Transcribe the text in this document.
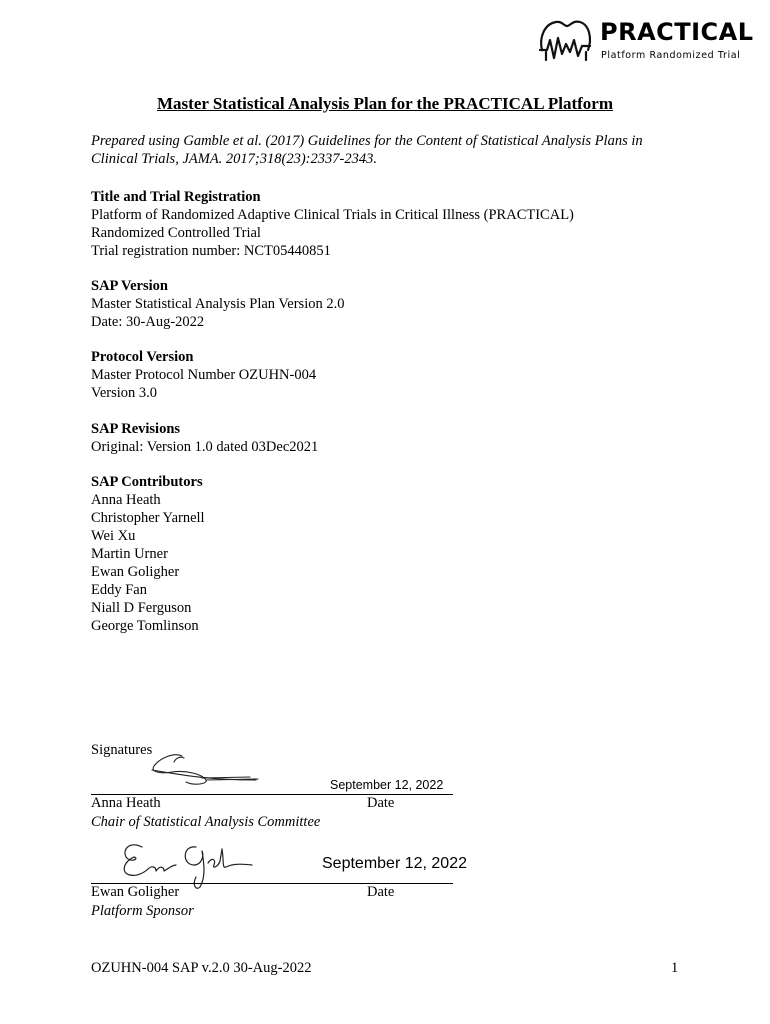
PRACTICAL
Platform Randomized Trial
Master Statistical Analysis Plan for the PRACTICAL Platform
Prepared using Gamble et al. (2017) Guidelines for the Content of Statistical Analysis Plans in Clinical Trials, JAMA. 2017;318(23):2337-2343.
Title and Trial Registration

Platform of Randomized Adaptive Clinical Trials in Critical Illness (PRACTICAL)

Randomized Controlled Trial

Trial registration number: NCT05440851

SAP Version

Master Statistical Analysis Plan Version 2.0

Date: 30-Aug-2022

Protocol Version

Master Protocol Number OZUHN-004

Version 3.0

SAP Revisions

Original: Version 1.0 dated 03Dec2021

SAP Contributors

Anna Heath

Christopher Yarnell

Wei Xu

Martin Urner

Ewan Goligher

Eddy Fan

Niall D Ferguson

George Tomlinson

Signatures
September 12, 2022
Anna Heath	Date
Chair of Statistical Analysis Committee
September 12, 2022
Ewan Goligher	Date
Platform Sponsor
OZUHN-004 SAP v.2.0 30-Aug-2022	1
